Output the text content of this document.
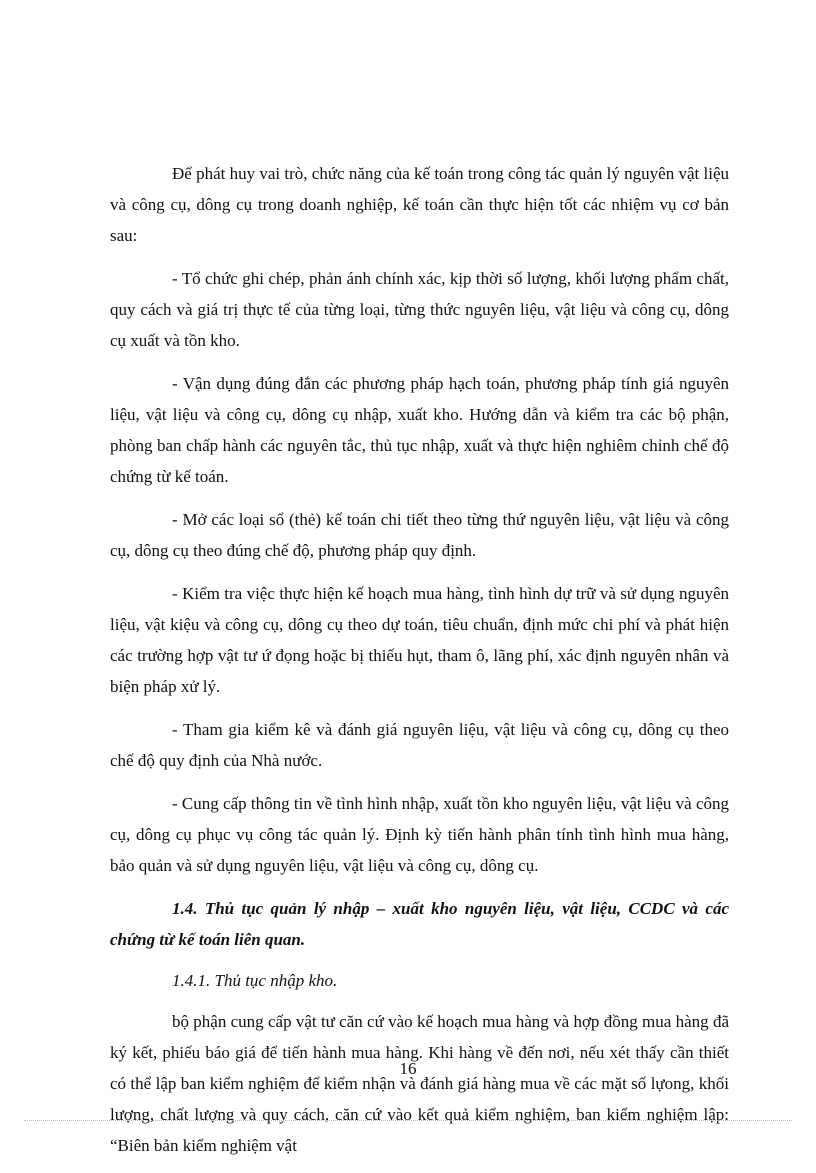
Để phát huy vai trò, chức năng của kế toán trong công tác quản lý nguyên vật liệu và công cụ, dông cụ trong doanh nghiệp, kế toán cần thực hiện tốt các nhiệm vụ cơ bản sau:

- Tổ chức ghi chép, phản ánh chính xác, kịp thời số lượng, khối lượng phẩm chất, quy cách và giá trị thực tế của từng loại, từng thức nguyên liệu, vật liệu và công cụ, dông cụ xuất và tồn kho.

- Vận dụng đúng đắn các phương pháp hạch toán, phương pháp tính giá nguyên liệu, vật liệu và công cụ, dông cụ nhập, xuất kho. Hướng dẫn và kiểm tra các bộ phận, phòng ban chấp hành các nguyên tắc, thủ tục nhập, xuất và thực hiện nghiêm chỉnh chế độ chứng từ kế toán.

- Mở các loại sổ (thẻ) kế toán chi tiết theo từng thứ nguyên liệu, vật liệu và công cụ, dông cụ theo đúng chế độ, phương pháp quy định.

- Kiểm tra việc thực hiện kế hoạch mua hàng, tình hình dự trữ và sử dụng nguyên liệu, vật kiệu và công cụ, dông cụ theo dự toán, tiêu chuẩn, định mức chi phí và phát hiện các trường hợp vật tư ứ đọng hoặc bị thiếu hụt, tham ô, lãng phí, xác định nguyên nhân và biện pháp xử lý.

- Tham gia kiểm kê và đánh giá nguyên liệu, vật liệu và công cụ, dông cụ theo chế độ quy định của Nhà nước.

- Cung cấp thông tin về tình hình nhập, xuất tồn kho nguyên liệu, vật liệu và công cụ, dông cụ phục vụ công tác quản lý. Định kỳ tiến hành phân tính tình hình mua hàng, bảo quản và sử dụng nguyên liệu, vật liệu và công cụ, dông cụ.

1.4. Thủ tục quản lý nhập – xuất kho nguyên liệu, vật liệu, CCDC và các chứng từ kế toán liên quan.

1.4.1. Thủ tục nhập kho.

bộ phận cung cấp vật tư căn cứ vào kế hoạch mua hàng và hợp đồng mua hàng đã ký kết, phiếu báo giá để tiến hành mua hàng. Khi hàng về đến nơi, nếu xét thấy cần thiết có thể lập ban kiểm nghiệm để kiểm nhận và đánh giá hàng mua về các mặt số lựong, khối lượng, chất lượng và quy cách, căn cứ vào kết quả kiểm nghiệm, ban kiểm nghiệm lập: “Biên bản kiểm nghiệm vật

16
